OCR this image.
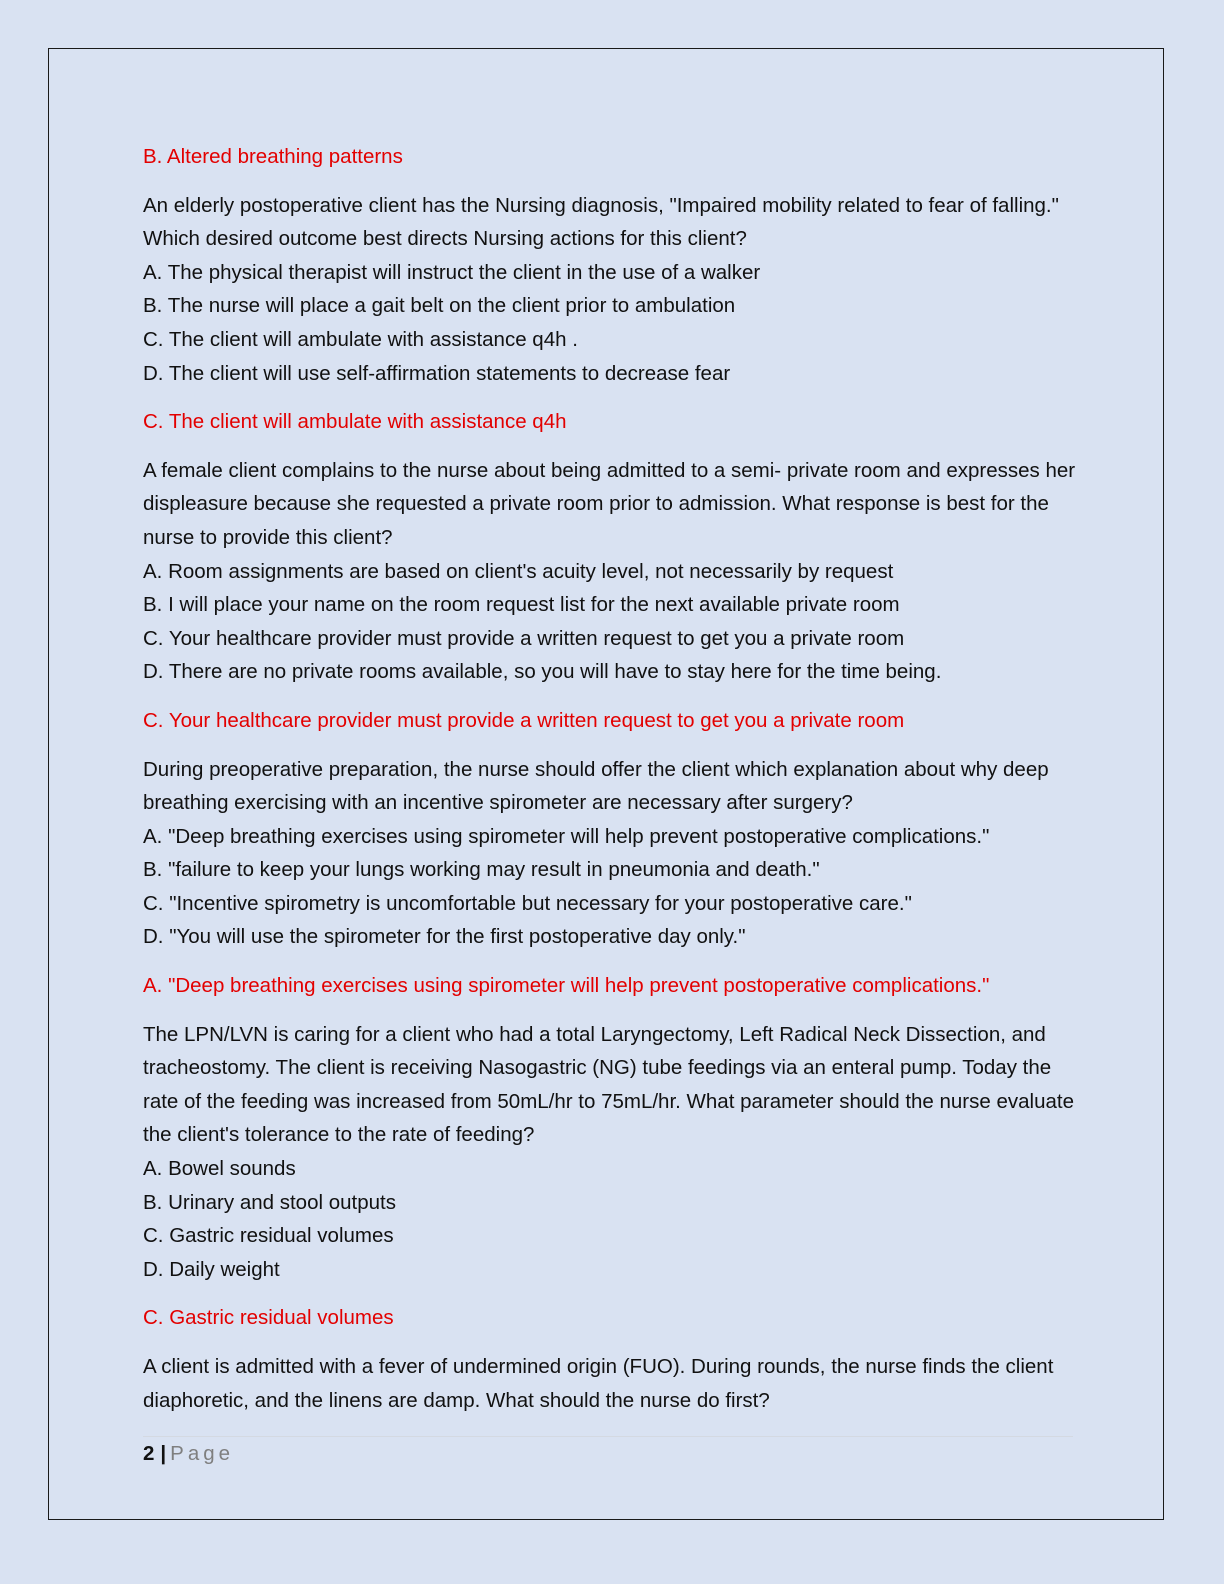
B. Altered breathing patterns

An elderly postoperative client has the Nursing diagnosis, "Impaired mobility related to fear of falling." Which desired outcome best directs Nursing actions for this client?

A. The physical therapist will instruct the client in the use of a walker

B. The nurse will place a gait belt on the client prior to ambulation

C. The client will ambulate with assistance q4h .

D. The client will use self-affirmation statements to decrease fear

C. The client will ambulate with assistance q4h

A female client complains to the nurse about being admitted to a semi- private room and expresses her displeasure because she requested a private room prior to admission. What response is best for the nurse to provide this client?

A. Room assignments are based on client's acuity level, not necessarily by request

B. I will place your name on the room request list for the next available private room

C. Your healthcare provider must provide a written request to get you a private room

D. There are no private rooms available, so you will have to stay here for the time being.

C. Your healthcare provider must provide a written request to get you a private room

During preoperative preparation, the nurse should offer the client which explanation about why deep breathing exercising with an incentive spirometer are necessary after surgery?

A. "Deep breathing exercises using spirometer will help prevent postoperative complications."

B. "failure to keep your lungs working may result in pneumonia and death."

C. "Incentive spirometry is uncomfortable but necessary for your postoperative care."

D. "You will use the spirometer for the first postoperative day only."

A. "Deep breathing exercises using spirometer will help prevent postoperative complications."

The LPN/LVN is caring for a client who had a total Laryngectomy, Left Radical Neck Dissection, and tracheostomy. The client is receiving Nasogastric (NG) tube feedings via an enteral pump. Today the rate of the feeding was increased from 50mL/hr to 75mL/hr. What parameter should the nurse evaluate the client's tolerance to the rate of feeding?

A. Bowel sounds

B. Urinary and stool outputs

C. Gastric residual volumes

D. Daily weight

C. Gastric residual volumes

A client is admitted with a fever of undermined origin (FUO). During rounds, the nurse finds the client diaphoretic, and the linens are damp. What should the nurse do first?

2 | Page
